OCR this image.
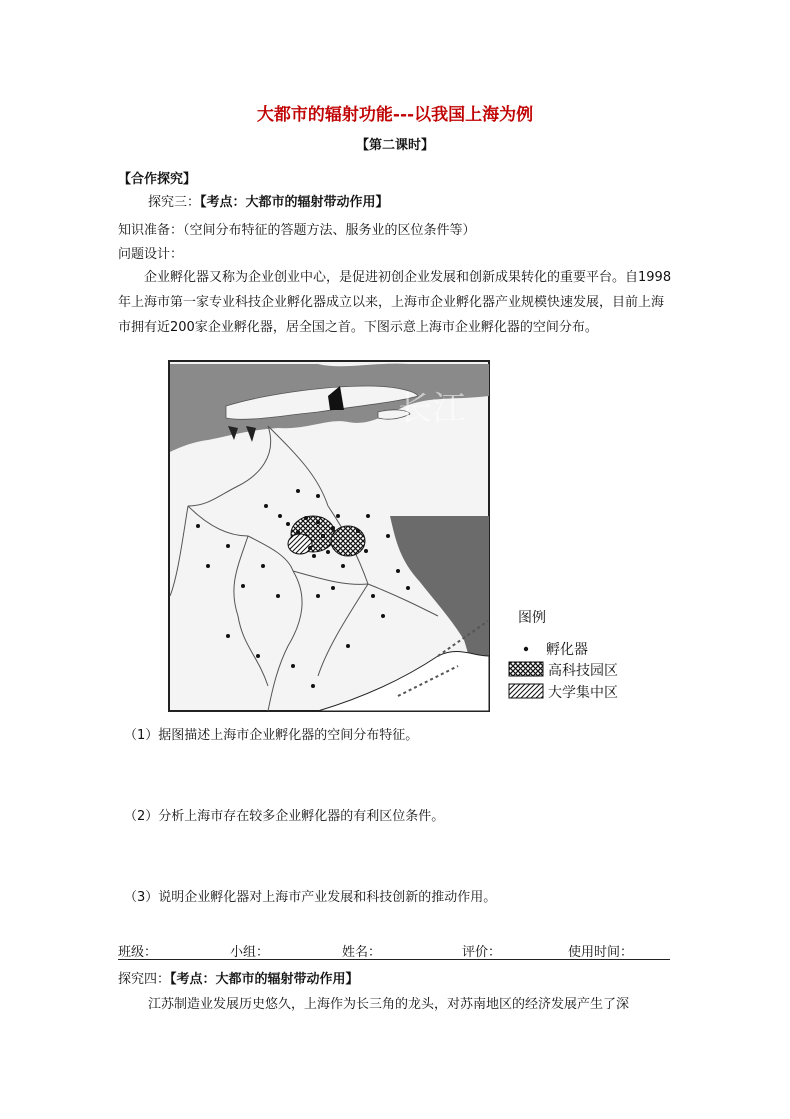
大都市的辐射功能---以我国上海为例
【第二课时】
【合作探究】
探究三：【考点：大都市的辐射带动作用】
知识准备：（空间分布特征的答题方法、服务业的区位条件等）
问题设计：
企业孵化器又称为企业创业中心，是促进初创企业发展和创新成果转化的重要平台。自1998年上海市第一家专业科技企业孵化器成立以来，上海市企业孵化器产业规模快速发展，目前上海市拥有近200家企业孵化器，居全国之首。下图示意上海市企业孵化器的空间分布。
长江
图例
孵化器
高科技园区
大学集中区
（1）据图描述上海市企业孵化器的空间分布特征。
（2）分析上海市存在较多企业孵化器的有利区位条件。
（3）说明企业孵化器对上海市产业发展和科技创新的推动作用。
班级：	小组：	姓名：	评价：	使用时间：
探究四：【考点：大都市的辐射带动作用】
江苏制造业发展历史悠久，上海作为长三角的龙头，对苏南地区的经济发展产生了深
